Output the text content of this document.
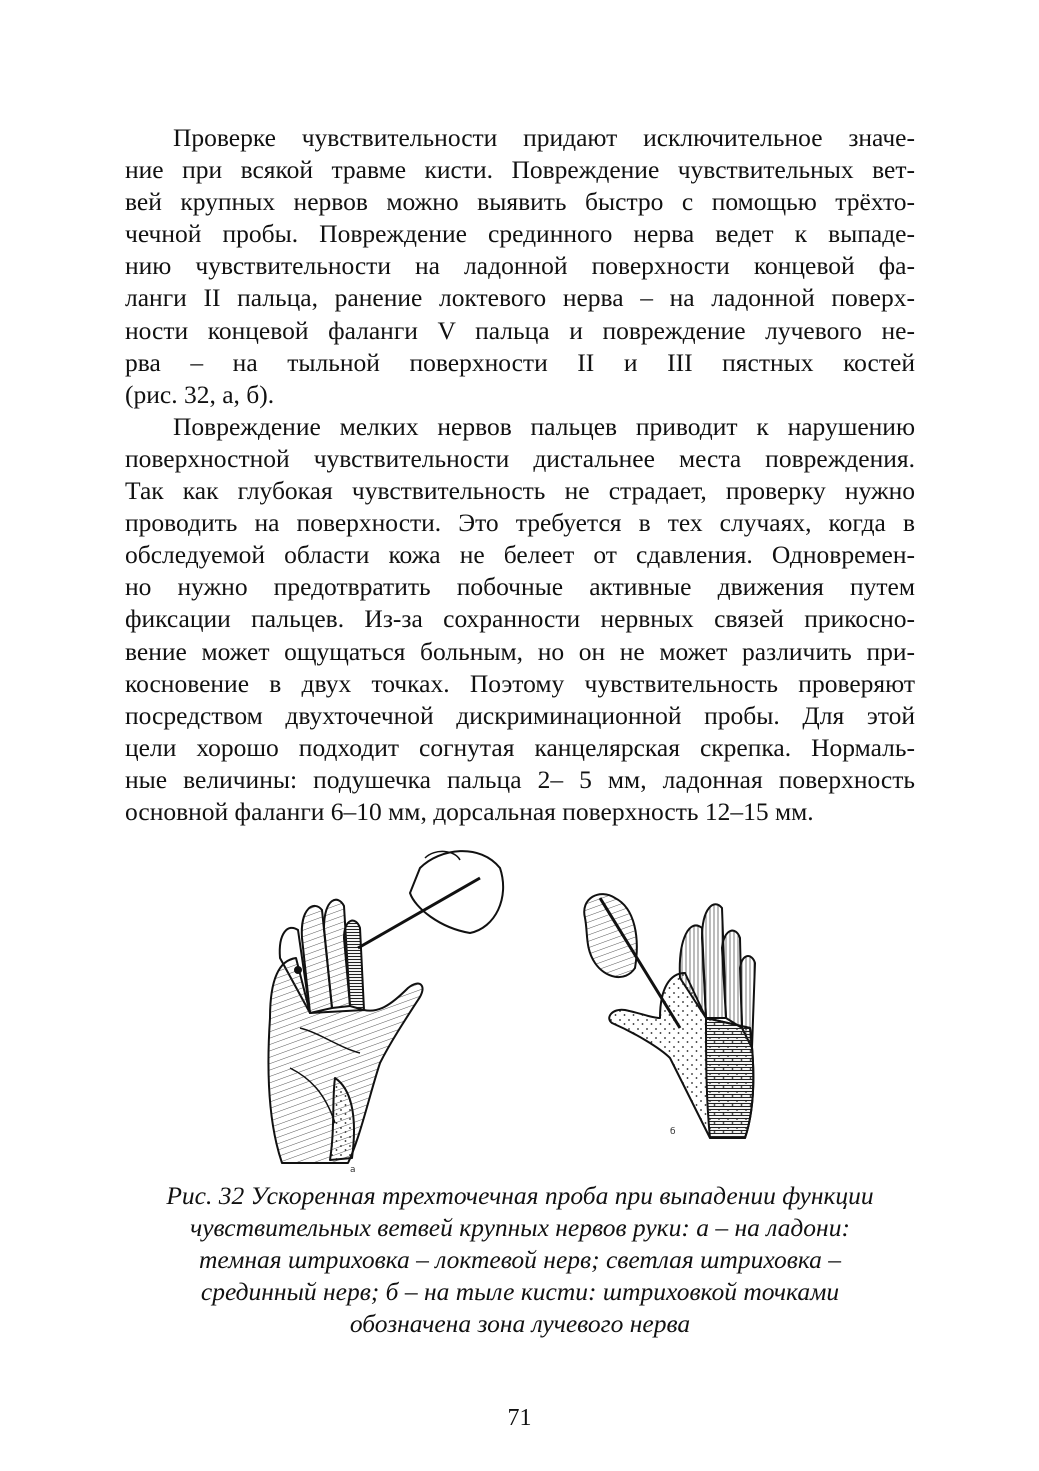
Проверке чувствительности придают исключительное значе-
ние при всякой травме кисти. Повреждение чувствительных вет-
вей крупных нервов можно выявить быстро с помощью трёхто-
чечной пробы. Повреждение срединного нерва ведет к выпаде-
нию чувствительности на ладонной поверхности концевой фа-
ланги II пальца, ранение локтевого нерва – на ладонной поверх-
ности концевой фаланги V пальца и повреждение лучевого не-
рва – на тыльной поверхности II и III пястных костей
(рис. 32, а, б).

Повреждение мелких нервов пальцев приводит к нарушению
поверхностной чувствительности дистальнее места повреждения.
Так как глубокая чувствительность не страдает, проверку нужно
проводить на поверхности. Это требуется в тех случаях, когда в
обследуемой области кожа не белеет от сдавления. Одновремен-
но нужно предотвратить побочные активные движения путем
фиксации пальцев. Из-за сохранности нервных связей прикосно-
вение может ощущаться больным, но он не может различить при-
косновение в двух точках. Поэтому чувствительность проверяют
посредством двухточечной дискриминационной пробы. Для этой
цели хорошо подходит согнутая канцелярская скрепка. Нормаль-
ные величины: подушечка пальца 2– 5 мм, ладонная поверхность
основной фаланги 6–10 мм, дорсальная поверхность 12–15 мм.

а
б
Рис. 32 Ускоренная трехточечная проба при выпадении функции
чувствительных ветвей крупных нервов руки: а – на ладони:
темная штриховка – локтевой нерв; светлая штриховка –
срединный нерв; б – на тыле кисти: штриховкой точками
обозначена зона лучевого нерва
71
